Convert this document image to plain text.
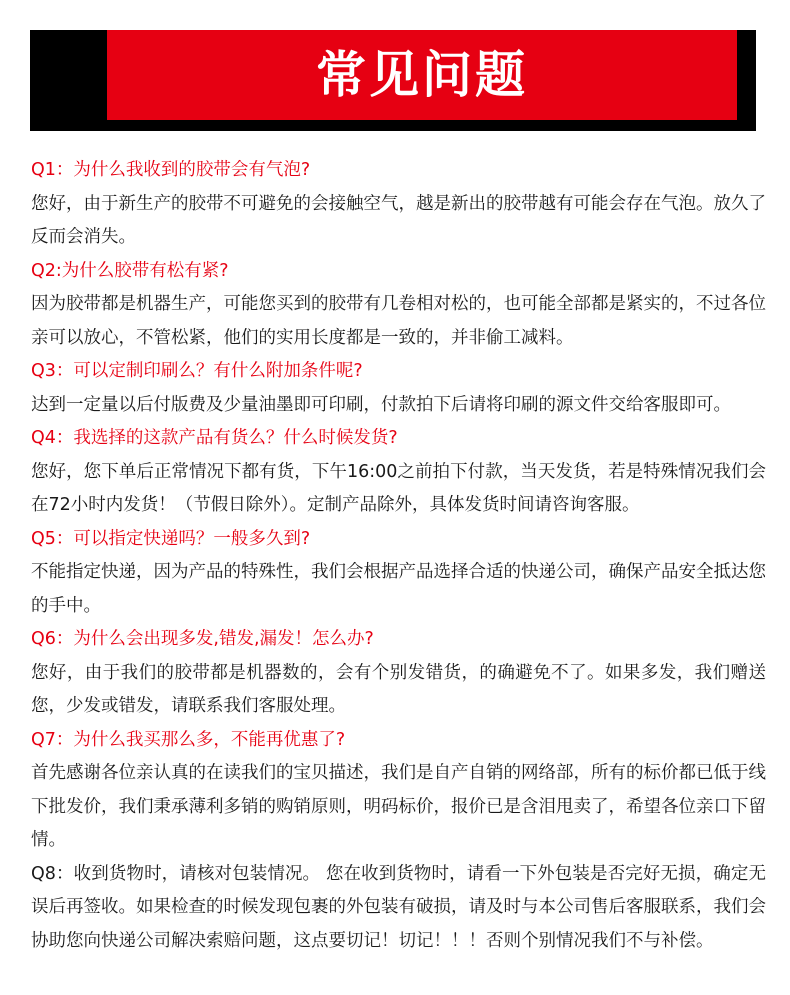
常见问题
Q1：为什么我收到的胶带会有气泡?
您好，由于新生产的胶带不可避免的会接触空气，越是新出的胶带越有可能会存在气泡。放久了反而会消失。
Q2:为什么胶带有松有紧?
因为胶带都是机器生产，可能您买到的胶带有几卷相对松的，也可能全部都是紧实的，不过各位亲可以放心，不管松紧，他们的实用长度都是一致的，并非偷工减料。
Q3：可以定制印刷么？有什么附加条件呢?
达到一定量以后付版费及少量油墨即可印刷，付款拍下后请将印刷的源文件交给客服即可。
Q4：我选择的这款产品有货么？什么时候发货?
您好，您下单后正常情况下都有货，下午16:00之前拍下付款，当天发货，若是特殊情况我们会在72小时内发货！（节假日除外）。定制产品除外，具体发货时间请咨询客服。
Q5：可以指定快递吗？一般多久到?
不能指定快递，因为产品的特殊性，我们会根据产品选择合适的快递公司，确保产品安全抵达您的手中。
Q6：为什么会出现多发,错发,漏发！怎么办?
您好，由于我们的胶带都是机器数的，会有个别发错货，的确避免不了。如果多发，我们赠送您，少发或错发，请联系我们客服处理。
Q7：为什么我买那么多，不能再优惠了?
首先感谢各位亲认真的在读我们的宝贝描述，我们是自产自销的网络部，所有的标价都已低于线下批发价，我们秉承薄利多销的购销原则，明码标价，报价已是含泪甩卖了，希望各位亲口下留情。
Q8：收到货物时，请核对包装情况。 您在收到货物时，请看一下外包装是否完好无损，确定无误后再签收。如果检查的时候发现包裹的外包装有破损，请及时与本公司售后客服联系，我们会协助您向快递公司解决索赔问题，这点要切记！切记！！！否则个别情况我们不与补偿。
